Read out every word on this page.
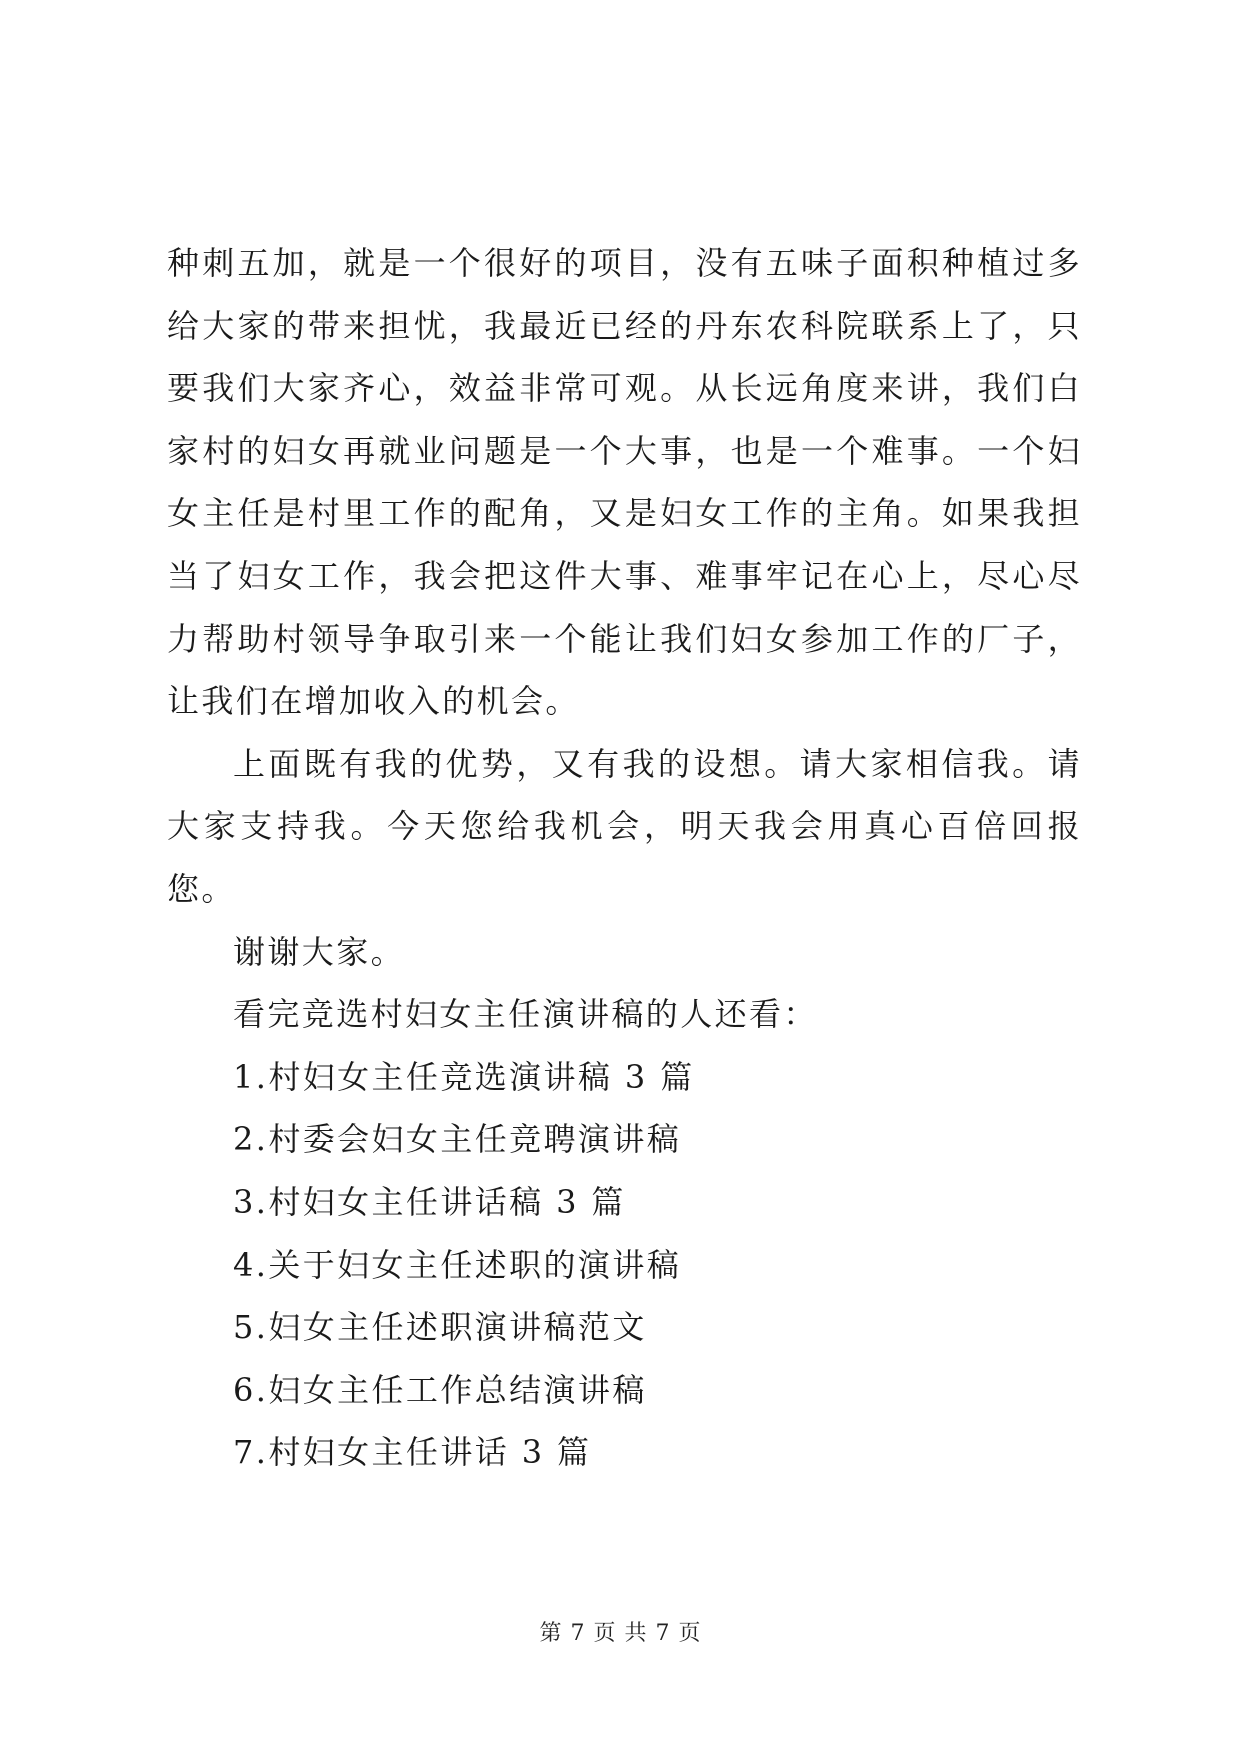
种刺五加，就是一个很好的项目，没有五味子面积种植过多给大家的带来担忧，我最近已经的丹东农科院联系上了，只要我们大家齐心，效益非常可观。从长远角度来讲，我们白家村的妇女再就业问题是一个大事，也是一个难事。一个妇女主任是村里工作的配角，又是妇女工作的主角。如果我担当了妇女工作，我会把这件大事、难事牢记在心上，尽心尽力帮助村领导争取引来一个能让我们妇女参加工作的厂子，让我们在增加收入的机会。

上面既有我的优势，又有我的设想。请大家相信我。请大家支持我。今天您给我机会，明天我会用真心百倍回报您。

谢谢大家。

看完竞选村妇女主任演讲稿的人还看：

1.村妇女主任竞选演讲稿 3 篇
2.村委会妇女主任竞聘演讲稿
3.村妇女主任讲话稿 3 篇
4.关于妇女主任述职的演讲稿
5.妇女主任述职演讲稿范文
6.妇女主任工作总结演讲稿
7.村妇女主任讲话 3 篇
第 7 页 共 7 页
